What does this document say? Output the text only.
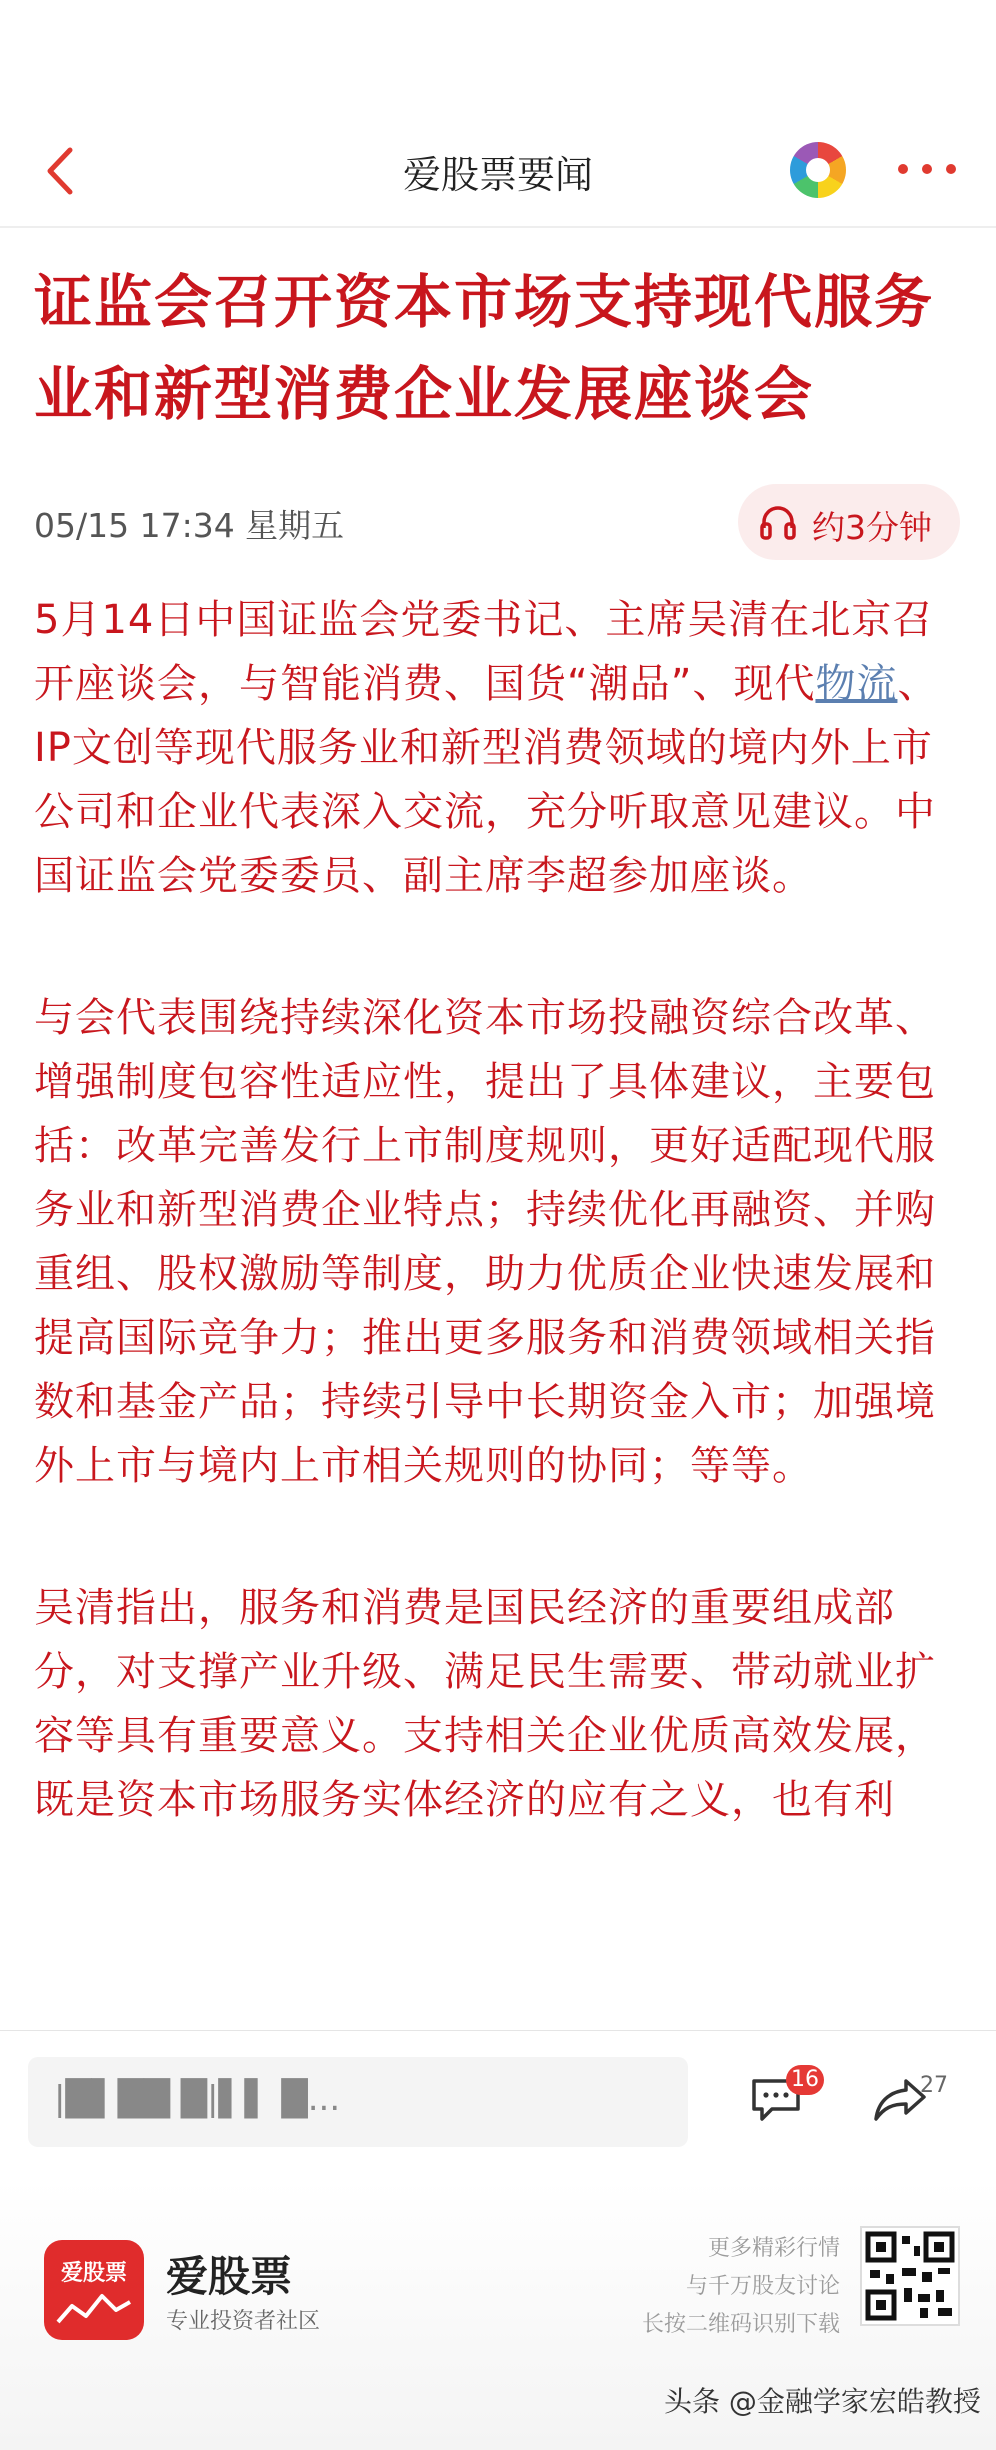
爱股票要闻
证监会召开资本市场支持现代服务业和新型消费企业发展座谈会
05/15 17:34 星期五	约3分钟

5月14日中国证监会党委书记、主席吴清在北京召开座谈会，与智能消费、国货“潮品”、现代物流、IP文创等现代服务业和新型消费领域的境内外上市公司和企业代表深入交流，充分听取意见建议。中国证监会党委委员、副主席李超参加座谈。

与会代表围绕持续深化资本市场投融资综合改革、增强制度包容性适应性，提出了具体建议，主要包括：改革完善发行上市制度规则，更好适配现代服务业和新型消费企业特点；持续优化再融资、并购重组、股权激励等制度，助力优质企业快速发展和提高国际竞争力；推出更多服务和消费领域相关指数和基金产品；持续引导中长期资金入市；加强境外上市与境内上市相关规则的协同；等等。

吴清指出，服务和消费是国民经济的重要组成部分，对支撑产业升级、满足民生需要、带动就业扩容等具有重要意义。支持相关企业优质高效发展，既是资本市场服务实体经济的应有之义，也有利

|█▌██ █|▌▌ █...	16	27
爱股票 爱股票
专业投资者社区
更多精彩行情
与千万股友讨论
长按二维码识别下载
头条 @金融学家宏皓教授
